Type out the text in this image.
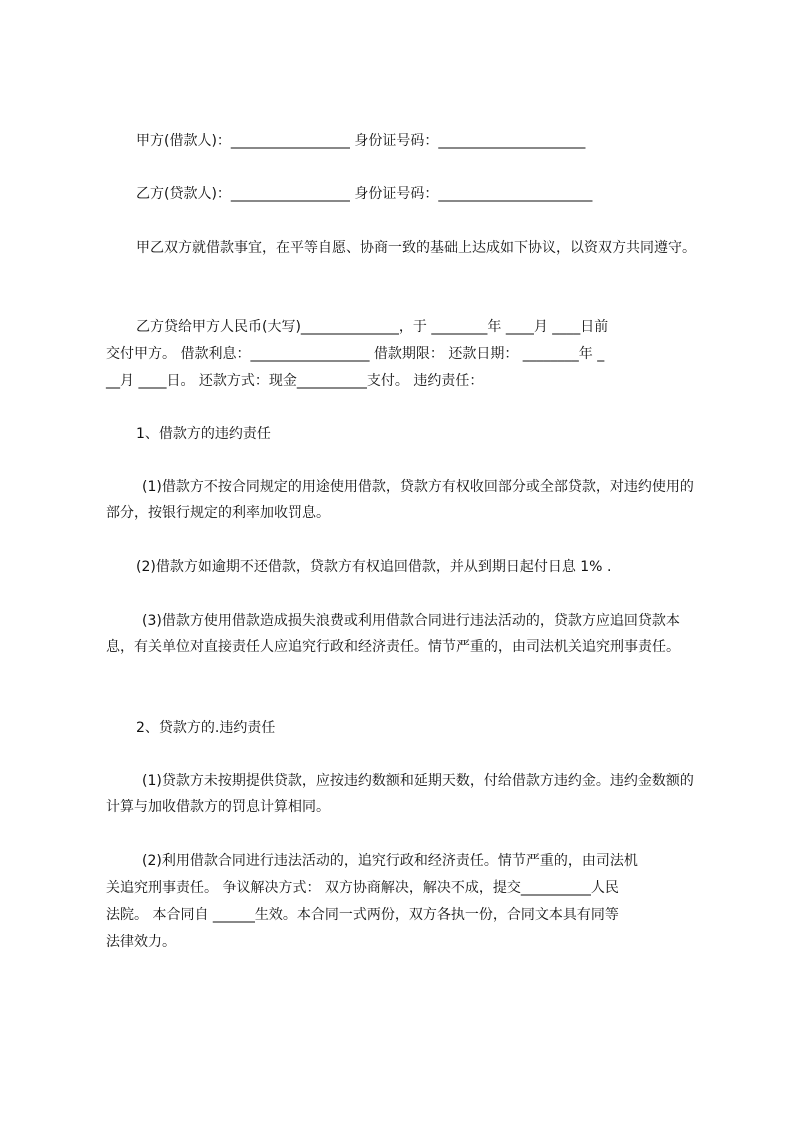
甲方(借款人)：_________________ 身份证号码：_____________________

乙方(贷款人)：_________________ 身份证号码：______________________

甲乙双方就借款事宜，在平等自愿、协商一致的基础上达成如下协议，以资双方共同遵守。

乙方贷给甲方人民币(大写)______________，于 ________年 ____月 ____日前

交付甲方。 借款利息：_________________ 借款期限： 还款日期： ________年 _

__月 ____日。 还款方式：现金__________支付。 违约责任：

1、借款方的违约责任

(1)借款方不按合同规定的用途使用借款，贷款方有权收回部分或全部贷款，对违约使用的部分，按银行规定的利率加收罚息。

(2)借款方如逾期不还借款，贷款方有权追回借款，并从到期日起付日息 1% .

(3)借款方使用借款造成损失浪费或利用借款合同进行违法活动的，贷款方应追回贷款本息，有关单位对直接责任人应追究行政和经济责任。情节严重的，由司法机关追究刑事责任。

2、贷款方的.违约责任

(1)贷款方未按期提供贷款，应按违约数额和延期天数，付给借款方违约金。违约金数额的计算与加收借款方的罚息计算相同。

(2)利用借款合同进行违法活动的，追究行政和经济责任。情节严重的，由司法机

关追究刑事责任。 争议解决方式： 双方协商解决，解决不成，提交__________人民

法院。 本合同自 ______生效。本合同一式两份，双方各执一份，合同文本具有同等

法律效力。
